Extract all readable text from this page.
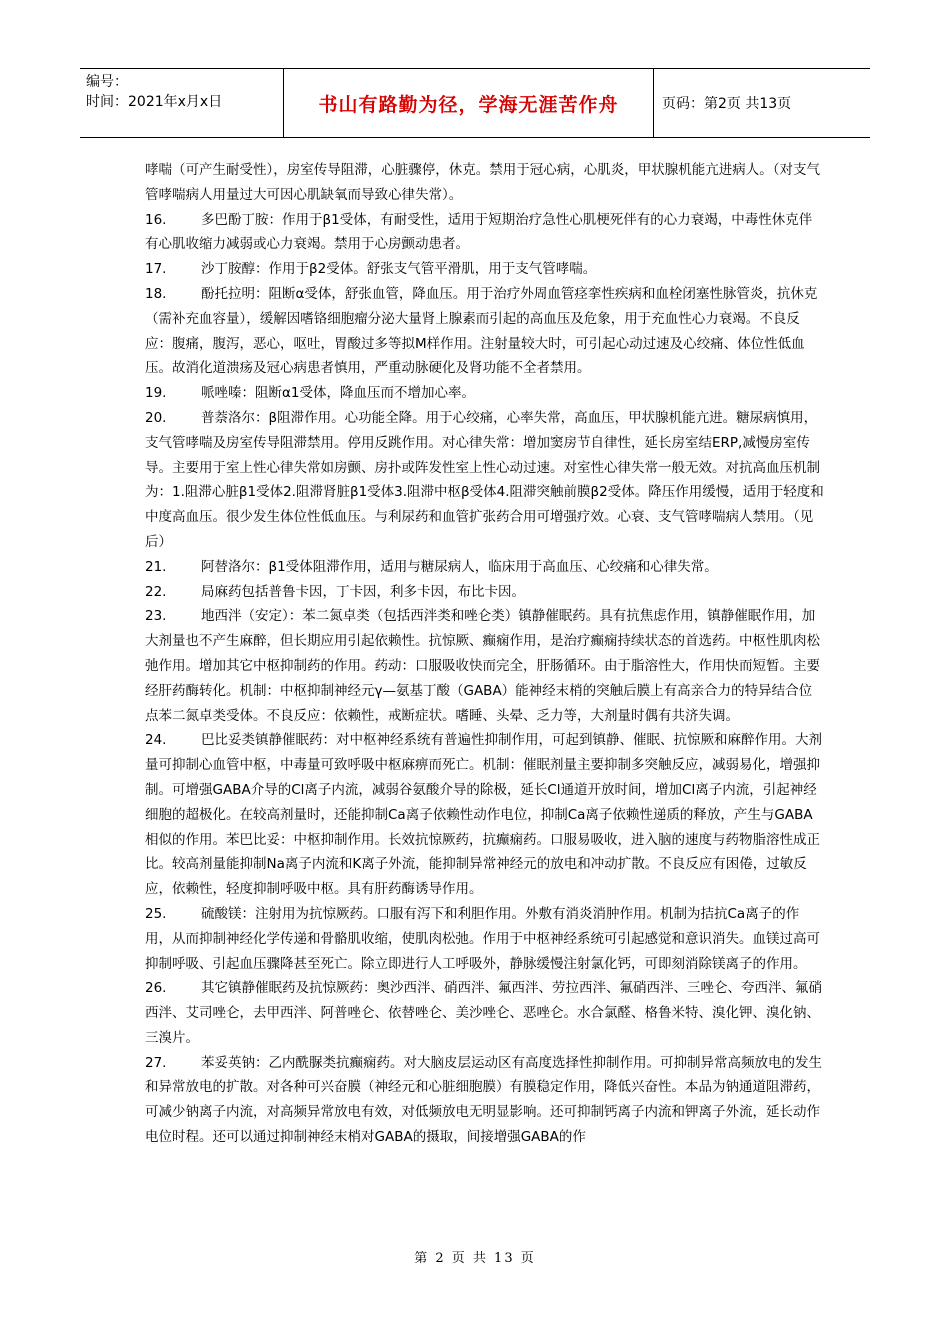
编号：
时间：2021年x月x日	书山有路勤为径，学海无涯苦作舟	页码：第2页 共13页
哮喘（可产生耐受性），房室传导阻滞，心脏骤停，休克。禁用于冠心病，心肌炎，甲状腺机能亢进病人。（对支气管哮喘病人用量过大可因心肌缺氧而导致心律失常）。
16.	多巴酚丁胺：作用于β1受体，有耐受性，适用于短期治疗急性心肌梗死伴有的心力衰竭，中毒性休克伴有心肌收缩力减弱或心力衰竭。禁用于心房颤动患者。
17.	沙丁胺醇：作用于β2受体。舒张支气管平滑肌，用于支气管哮喘。
18.	酚托拉明：阻断α受体，舒张血管，降血压。用于治疗外周血管痉挛性疾病和血栓闭塞性脉管炎，抗休克（需补充血容量），缓解因嗜铬细胞瘤分泌大量肾上腺素而引起的高血压及危象，用于充血性心力衰竭。不良反应：腹痛，腹泻，恶心，呕吐，胃酸过多等拟M样作用。注射量较大时，可引起心动过速及心绞痛、体位性低血压。故消化道溃疡及冠心病患者慎用，严重动脉硬化及肾功能不全者禁用。
19.	哌唑嗪：阻断α1受体，降血压而不增加心率。
20.	普萘洛尔：β阻滞作用。心功能全降。用于心绞痛，心率失常，高血压，甲状腺机能亢进。糖尿病慎用，支气管哮喘及房室传导阻滞禁用。停用反跳作用。对心律失常：增加窦房节自律性，延长房室结ERP,减慢房室传导。主要用于室上性心律失常如房颤、房扑或阵发性室上性心动过速。对室性心律失常一般无效。对抗高血压机制为：1.阻滞心脏β1受体2.阻滞肾脏β1受体3.阻滞中枢β受体4.阻滞突触前膜β2受体。降压作用缓慢，适用于轻度和中度高血压。很少发生体位性低血压。与利尿药和血管扩张药合用可增强疗效。心衰、支气管哮喘病人禁用。（见后）
21.	阿替洛尔：β1受体阻滞作用，适用与糖尿病人，临床用于高血压、心绞痛和心律失常。
22.	局麻药包括普鲁卡因，丁卡因，利多卡因，布比卡因。
23.	地西泮（安定）：苯二氮卓类（包括西泮类和唑仑类）镇静催眠药。具有抗焦虑作用，镇静催眠作用，加大剂量也不产生麻醉，但长期应用引起依赖性。抗惊厥、癫痫作用，是治疗癫痫持续状态的首选药。中枢性肌肉松弛作用。增加其它中枢抑制药的作用。药动：口服吸收快而完全，肝肠循环。由于脂溶性大，作用快而短暂。主要经肝药酶转化。机制：中枢抑制神经元γ—氨基丁酸（GABA）能神经末梢的突触后膜上有高亲合力的特异结合位点苯二氮卓类受体。不良反应：依赖性，戒断症状。嗜睡、头晕、乏力等，大剂量时偶有共济失调。
24.	巴比妥类镇静催眠药：对中枢神经系统有普遍性抑制作用，可起到镇静、催眠、抗惊厥和麻醉作用。大剂量可抑制心血管中枢，中毒量可致呼吸中枢麻痹而死亡。机制：催眠剂量主要抑制多突触反应，减弱易化，增强抑制。可增强GABA介导的Cl离子内流，减弱谷氨酸介导的除极，延长Cl通道开放时间，增加Cl离子内流，引起神经细胞的超极化。在较高剂量时，还能抑制Ca离子依赖性动作电位，抑制Ca离子依赖性递质的释放，产生与GABA相似的作用。苯巴比妥：中枢抑制作用。长效抗惊厥药，抗癫痫药。口服易吸收，进入脑的速度与药物脂溶性成正比。较高剂量能抑制Na离子内流和K离子外流，能抑制异常神经元的放电和冲动扩散。不良反应有困倦，过敏反应，依赖性，轻度抑制呼吸中枢。具有肝药酶诱导作用。
25.	硫酸镁：注射用为抗惊厥药。口服有泻下和利胆作用。外敷有消炎消肿作用。机制为拮抗Ca离子的作用，从而抑制神经化学传递和骨骼肌收缩，使肌肉松弛。作用于中枢神经系统可引起感觉和意识消失。血镁过高可抑制呼吸、引起血压骤降甚至死亡。除立即进行人工呼吸外，静脉缓慢注射氯化钙，可即刻消除镁离子的作用。
26.	其它镇静催眠药及抗惊厥药：奥沙西泮、硝西泮、氟西泮、劳拉西泮、氟硝西泮、三唑仑、夸西泮、氟硝西泮、艾司唑仑，去甲西泮、阿普唑仑、依替唑仑、美沙唑仑、恶唑仑。水合氯醛、格鲁米特、溴化钾、溴化钠、三溴片。
27.	苯妥英钠：乙内酰脲类抗癫痫药。对大脑皮层运动区有高度选择性抑制作用。可抑制异常高频放电的发生和异常放电的扩散。对各种可兴奋膜（神经元和心脏细胞膜）有膜稳定作用，降低兴奋性。本品为钠通道阻滞药，可减少钠离子内流，对高频异常放电有效，对低频放电无明显影响。还可抑制钙离子内流和钾离子外流，延长动作电位时程。还可以通过抑制神经末梢对GABA的摄取，间接增强GABA的作
第 2 页 共 13 页
